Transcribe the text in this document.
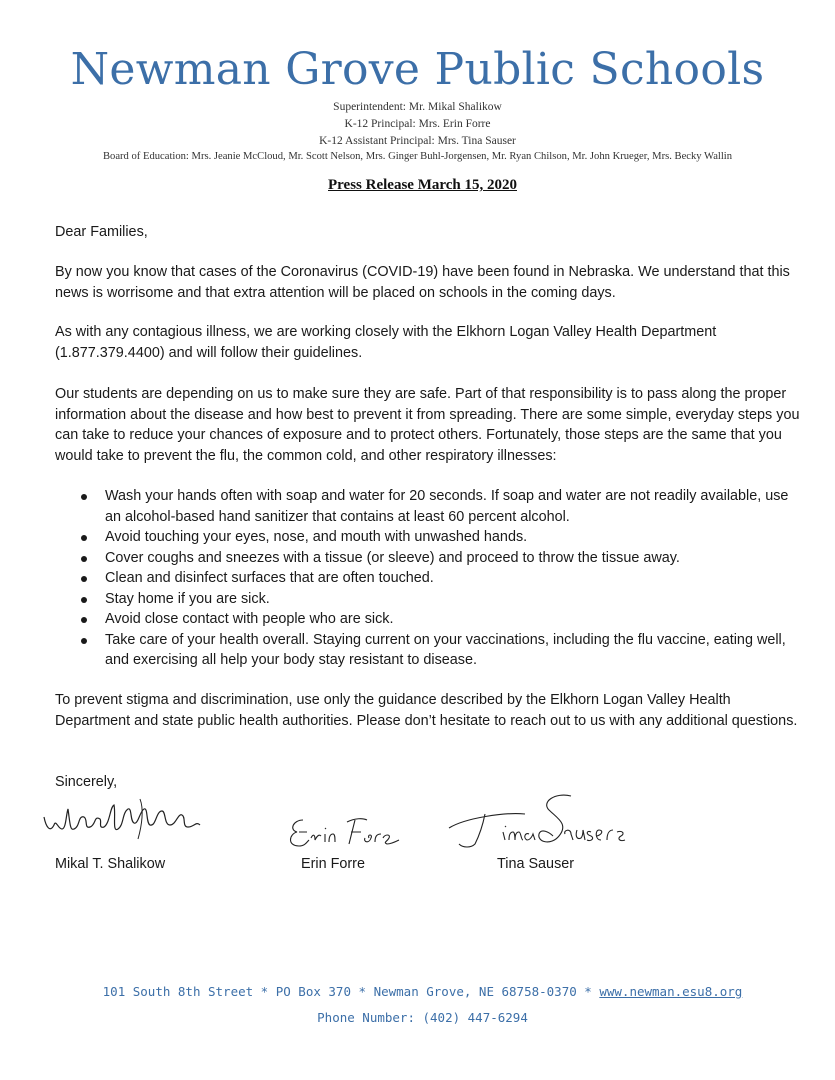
Newman Grove Public Schools
Superintendent: Mr. Mikal Shalikow
K-12 Principal: Mrs. Erin Forre
K-12 Assistant Principal: Mrs. Tina Sauser
Board of Education: Mrs. Jeanie McCloud, Mr. Scott Nelson, Mrs. Ginger Buhl-Jorgensen, Mr. Ryan Chilson, Mr. John Krueger, Mrs. Becky Wallin
Press Release March 15, 2020
Dear Families,
By now you know that cases of the Coronavirus (COVID-19) have been found in Nebraska. We understand that this news is worrisome and that extra attention will be placed on schools in the coming days.
As with any contagious illness, we are working closely with the Elkhorn Logan Valley Health Department (1.877.379.4400) and will follow their guidelines.
Our students are depending on us to make sure they are safe. Part of that responsibility is to pass along the proper information about the disease and how best to prevent it from spreading. There are some simple, everyday steps you can take to reduce your chances of exposure and to protect others. Fortunately, those steps are the same that you would take to prevent the flu, the common cold, and other respiratory illnesses:
Wash your hands often with soap and water for 20 seconds. If soap and water are not readily available, use an alcohol-based hand sanitizer that contains at least 60 percent alcohol.
Avoid touching your eyes, nose, and mouth with unwashed hands.
Cover coughs and sneezes with a tissue (or sleeve) and proceed to throw the tissue away.
Clean and disinfect surfaces that are often touched.
Stay home if you are sick.
Avoid close contact with people who are sick.
Take care of your health overall. Staying current on your vaccinations, including the flu vaccine, eating well, and exercising all help your body stay resistant to disease.
To prevent stigma and discrimination, use only the guidance described by the Elkhorn Logan Valley Health Department and state public health authorities. Please don’t hesitate to reach out to us with any additional questions.
Sincerely,
Mikal T. Shalikow	Erin Forre	Tina Sauser
101 South 8th Street * PO Box 370 * Newman Grove, NE 68758-0370 * www.newman.esu8.org
Phone Number: (402) 447-6294
